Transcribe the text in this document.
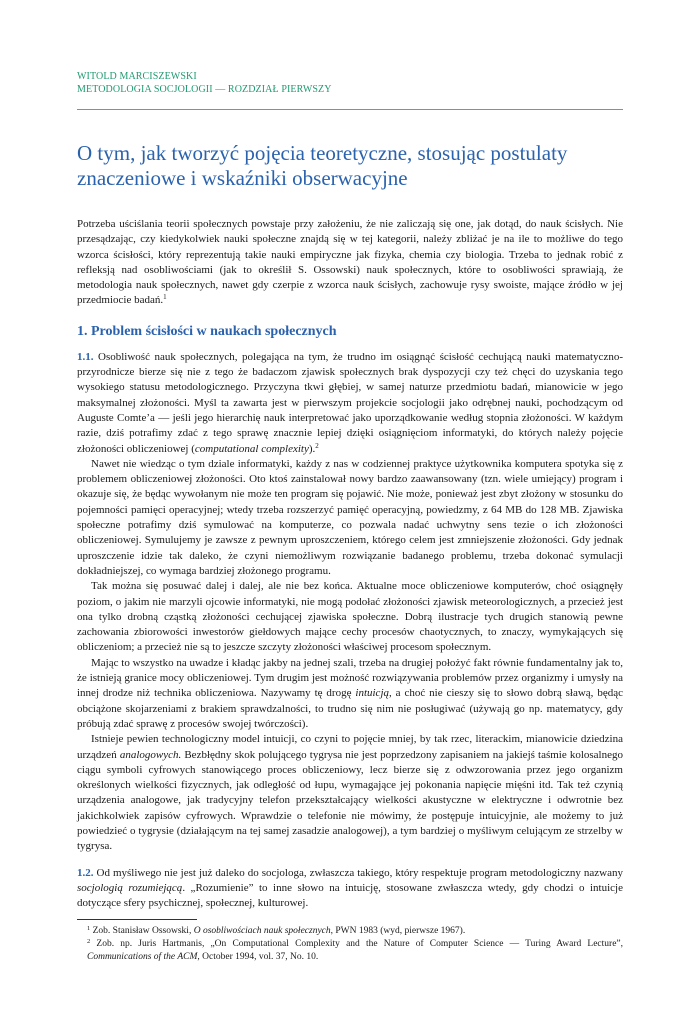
WITOLD MARCISZEWSKI
METODOLOGIA SOCJOLOGII — ROZDZIAŁ PIERWSZY
O tym, jak tworzyć pojęcia teoretyczne, stosując postulaty znaczeniowe i wskaźniki obserwacyjne

Potrzeba uściślania teorii społecznych powstaje przy założeniu, że nie zaliczają się one, jak dotąd, do nauk ścisłych. Nie przesądzając, czy kiedykolwiek nauki społeczne znajdą się w tej kategorii, należy zbliżać je na ile to możliwe do tego wzorca ścisłości, który reprezentują takie nauki empiryczne jak fizyka, chemia czy biologia. Trzeba to jednak robić z refleksją nad osobliwościami (jak to określił S. Ossowski) nauk społecznych, które to osobliwości sprawiają, że metodologia nauk społecznych, nawet gdy czerpie z wzorca nauk ścisłych, zachowuje rysy swoiste, mające źródło w jej przedmiocie badań.$^1$

1. Problem ścisłości w naukach społecznych

1.1. Osobliwość nauk społecznych, polegająca na tym, że trudno im osiągnąć ścisłość cechującą nauki matematyczno-przyrodnicze bierze się nie z tego że badaczom zjawisk społecznych brak dyspozycji czy też chęci do uzyskania tego wysokiego statusu metodologicznego. Przyczyna tkwi głębiej, w samej naturze przedmiotu badań, mianowicie w jego maksymalnej złożoności. Myśl ta zawarta jest w pierwszym projekcie socjologii jako odrębnej nauki, pochodzącym od Auguste Comte’a — jeśli jego hierarchię nauk interpretować jako uporządkowanie według stopnia złożoności. W każdym razie, dziś potrafimy zdać z tego sprawę znacznie lepiej dzięki osiągnięciom informatyki, do których należy pojęcie złożoności obliczeniowej (computational complexity).$^2$

Nawet nie wiedząc o tym dziale informatyki, każdy z nas w codziennej praktyce użytkownika komputera spotyka się z problemem obliczeniowej złożoności. Oto ktoś zainstalował nowy bardzo zaawansowany (tzn. wiele umiejący) program i okazuje się, że będąc wywołanym nie może ten program się pojawić. Nie może, ponieważ jest zbyt złożony w stosunku do pojemności pamięci operacyjnej; wtedy trzeba rozszerzyć pamięć operacyjną, powiedzmy, z 64 MB do 128 MB. Zjawiska społeczne potrafimy dziś symulować na komputerze, co pozwala nadać uchwytny sens tezie o ich złożoności obliczeniowej. Symulujemy je zawsze z pewnym uproszczeniem, którego celem jest zmniejszenie złożoności. Gdy jednak uproszczenie idzie tak daleko, że czyni niemożliwym rozwiązanie badanego problemu, trzeba dokonać symulacji dokładniejszej, co wymaga bardziej złożonego programu.

Tak można się posuwać dalej i dalej, ale nie bez końca. Aktualne moce obliczeniowe komputerów, choć osiągnęły poziom, o jakim nie marzyli ojcowie informatyki, nie mogą podołać złożoności zjawisk meteorologicznych, a przecież jest ona tylko drobną cząstką złożoności cechującej zjawiska społeczne. Dobrą ilustracje tych drugich stanowią pewne zachowania zbiorowości inwestorów giełdowych mające cechy procesów chaotycznych, to znaczy, wymykających się obliczeniom; a przecież nie są to jeszcze szczyty złożoności właściwej procesom społecznym.

Mając to wszystko na uwadze i kładąc jakby na jednej szali, trzeba na drugiej położyć fakt równie fundamentalny jak to, że istnieją granice mocy obliczeniowej. Tym drugim jest możność rozwiązywania problemów przez organizmy i umysły na innej drodze niż technika obliczeniowa. Nazywamy tę drogę intuicją, a choć nie cieszy się to słowo dobrą sławą, będąc obciążone skojarzeniami z brakiem sprawdzalności, to trudno się nim nie posługiwać (używają go np. matematycy, gdy próbują zdać sprawę z procesów swojej twórczości).

Istnieje pewien technologiczny model intuicji, co czyni to pojęcie mniej, by tak rzec, literackim, mianowicie dziedzina urządzeń analogowych. Bezbłędny skok polującego tygrysa nie jest poprzedzony zapisaniem na jakiejś taśmie kolosalnego ciągu symboli cyfrowych stanowiącego proces obliczeniowy, lecz bierze się z odwzorowania przez jego organizm określonych wielkości fizycznych, jak odległość od łupu, wymagające jej pokonania napięcie mięśni itd. Tak też czynią urządzenia analogowe, jak tradycyjny telefon przekształcający wielkości akustyczne w elektryczne i odwrotnie bez jakichkolwiek zapisów cyfrowych. Wprawdzie o telefonie nie mówimy, że postępuje intuicyjnie, ale możemy to już powiedzieć o tygrysie (działającym na tej samej zasadzie analogowej), a tym bardziej o myśliwym celującym ze strzelby w tygrysa.

1.2. Od myśliwego nie jest już daleko do socjologa, zwłaszcza takiego, który respektuje program metodologiczny nazwany socjologią rozumiejącą. „Rozumienie” to inne słowo na intuicję, stosowane zwłaszcza wtedy, gdy chodzi o intuicje dotyczące sfery psychicznej, społecznej, kulturowej.

$^1$ Zob. Stanisław Ossowski, O osobliwościach nauk społecznych, PWN 1983 (wyd, pierwsze 1967).

$^2$ Zob. np. Juris Hartmanis, „On Computational Complexity and the Nature of Computer Science — Turing Award Lecture”, Communications of the ACM, October 1994, vol. 37, No. 10.
